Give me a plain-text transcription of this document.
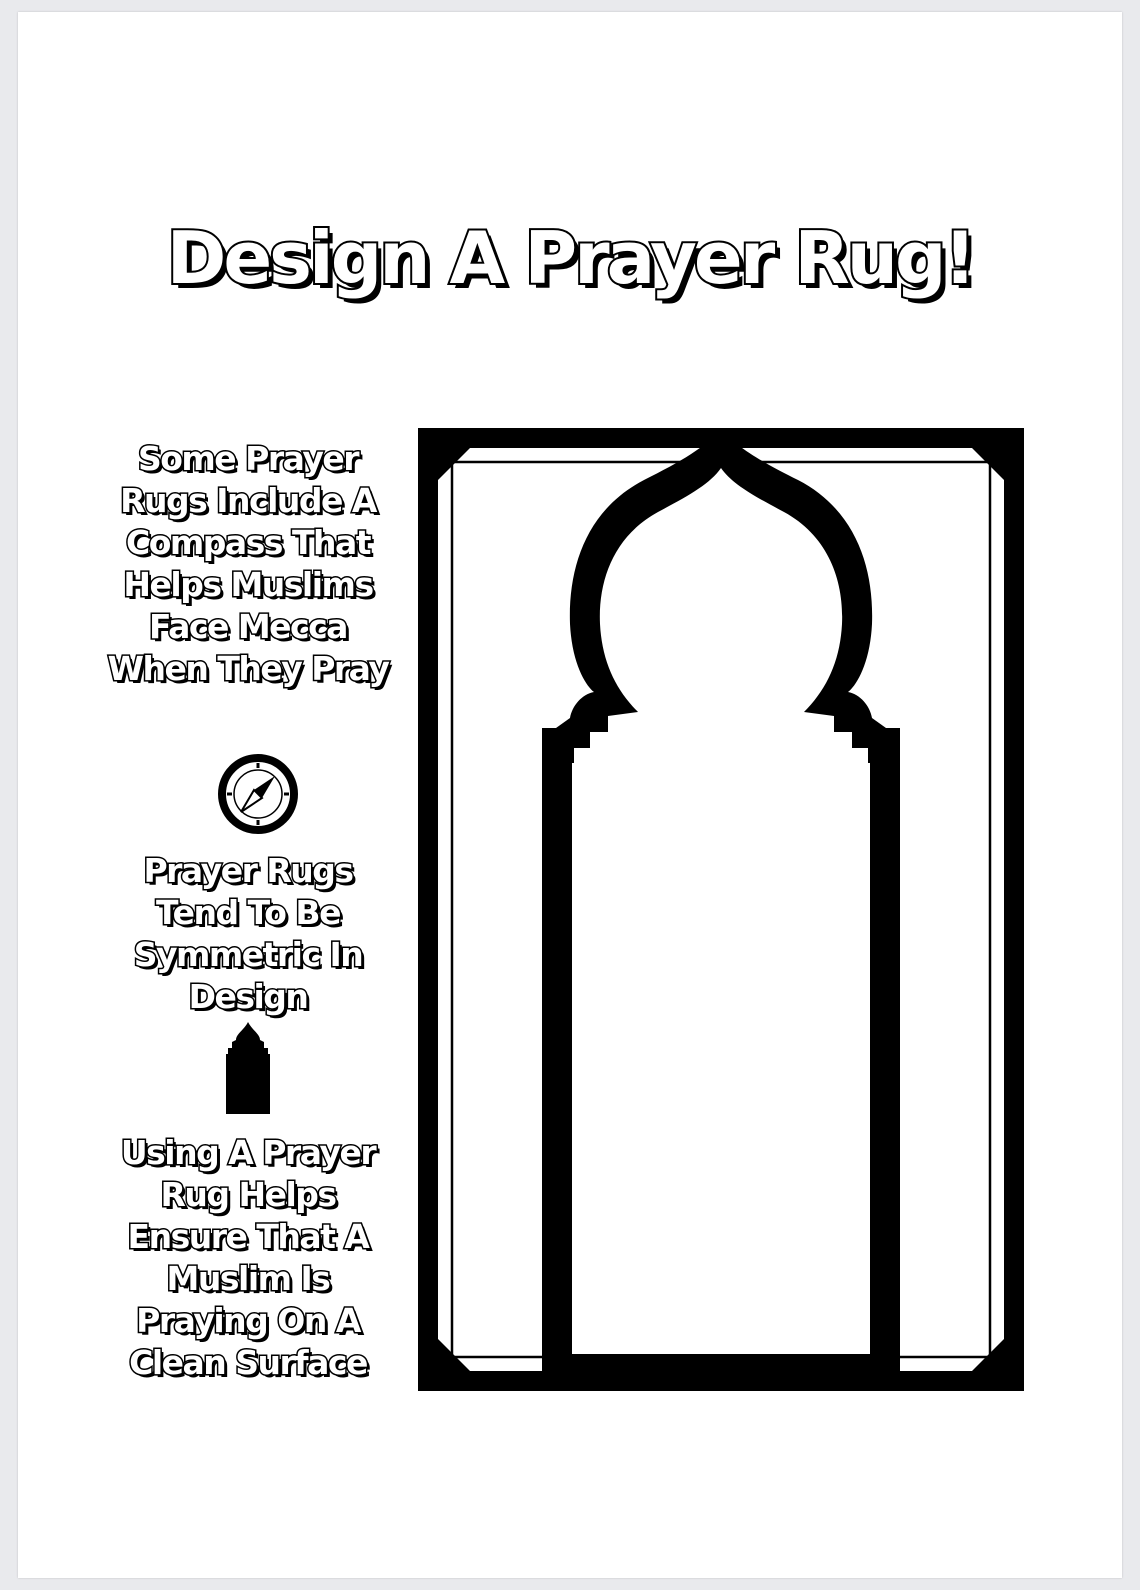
Design A Prayer Rug!
Some Prayer Rugs Include A Compass That Helps Muslims Face Mecca When They Pray
Prayer Rugs Tend To Be Symmetric In Design
Using A Prayer Rug Helps Ensure That A Muslim Is Praying On A Clean Surface
